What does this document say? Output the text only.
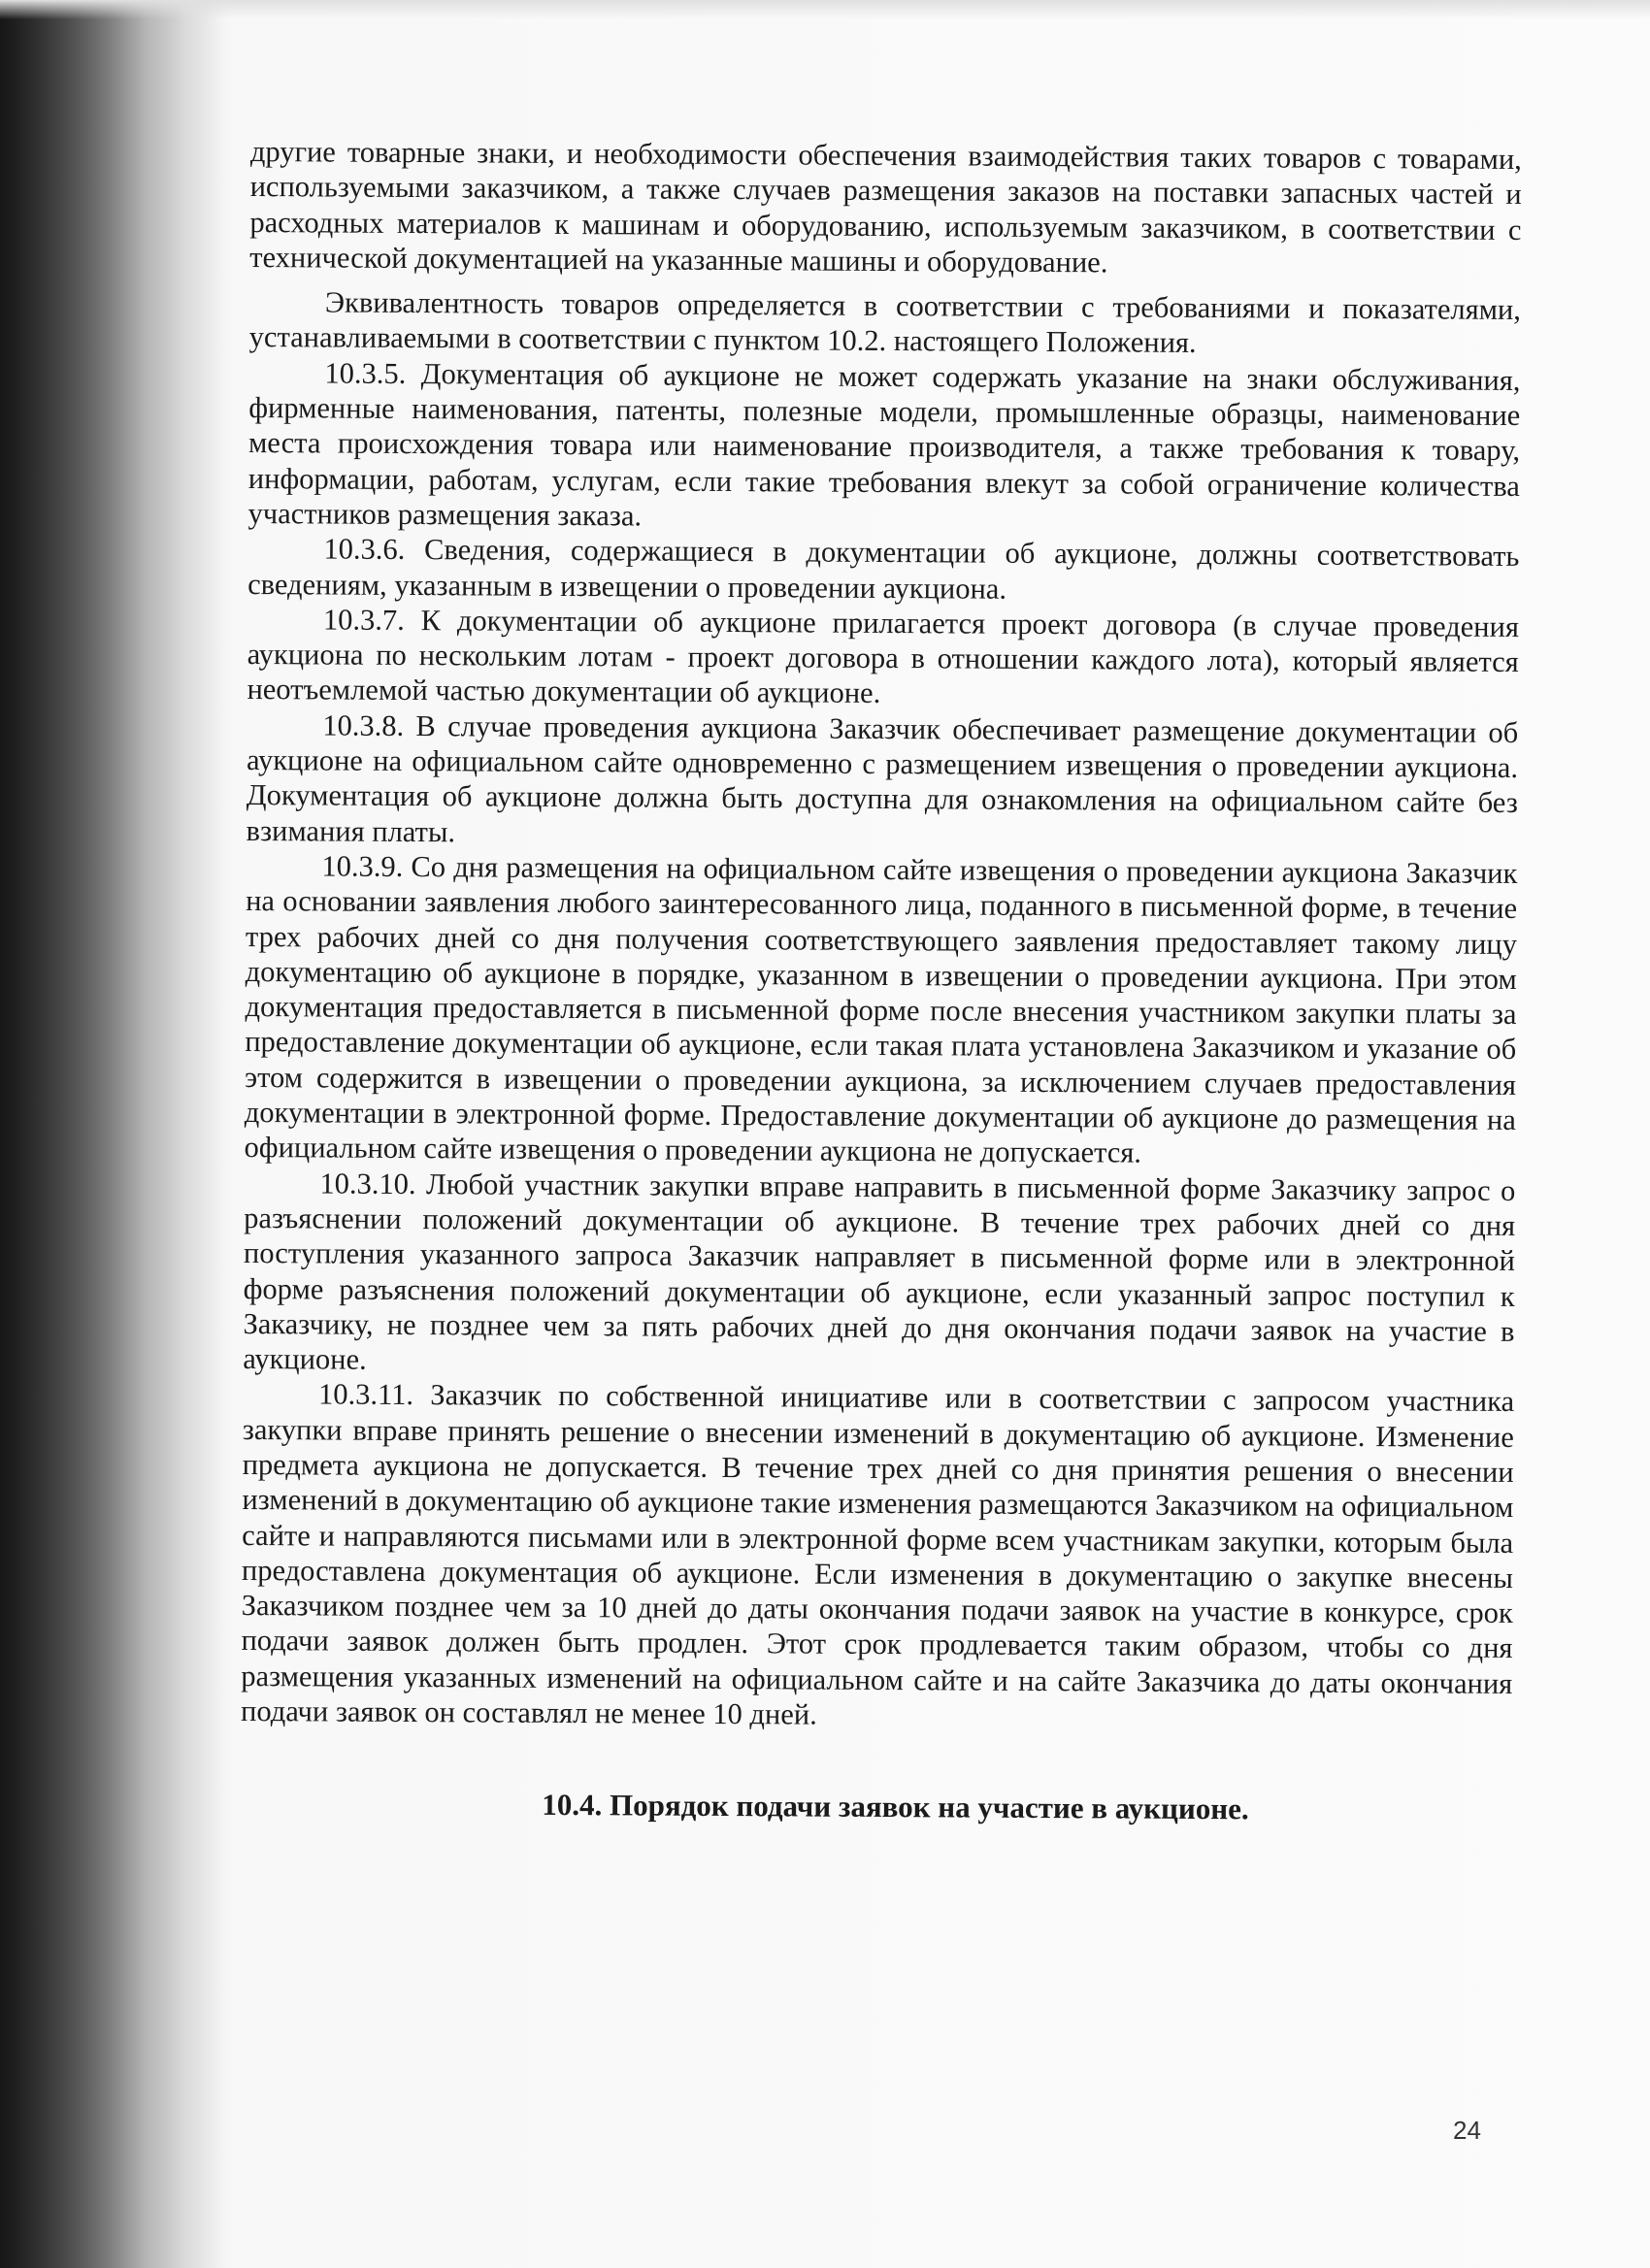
другие товарные знаки, и необходимости обеспечения взаимодействия таких товаров с товарами, используемыми заказчиком, а также случаев размещения заказов на поставки запасных частей и расходных материалов к машинам и оборудованию, используемым заказчиком, в соответствии с технической документацией на указанные машины и оборудование.

Эквивалентность товаров определяется в соответствии с требованиями и показателями, устанавливаемыми в соответствии с пунктом 10.2. настоящего Положения.

10.3.5. Документация об аукционе не может содержать указание на знаки обслуживания, фирменные наименования, патенты, полезные модели, промышленные образцы, наименование места происхождения товара или наименование производителя, а также требования к товару, информации, работам, услугам, если такие требования влекут за собой ограничение количества участников размещения заказа.

10.3.6. Сведения, содержащиеся в документации об аукционе, должны соответствовать сведениям, указанным в извещении о проведении аукциона.

10.3.7. К документации об аукционе прилагается проект договора (в случае проведения аукциона по нескольким лотам - проект договора в отношении каждого лота), который является неотъемлемой частью документации об аукционе.

10.3.8. В случае проведения аукциона Заказчик обеспечивает размещение документации об аукционе на официальном сайте одновременно с размещением извещения о проведении аукциона. Документация об аукционе должна быть доступна для ознакомления на официальном сайте без взимания платы.

10.3.9. Со дня размещения на официальном сайте извещения о проведении аукциона Заказчик на основании заявления любого заинтересованного лица, поданного в письменной форме, в течение трех рабочих дней со дня получения соответствующего заявления предоставляет такому лицу документацию об аукционе в порядке, указанном в извещении о проведении аукциона. При этом документация предоставляется в письменной форме после внесения участником закупки платы за предоставление документации об аукционе, если такая плата установлена Заказчиком и указание об этом содержится в извещении о проведении аукциона, за исключением случаев предоставления документации в электронной форме. Предоставление документации об аукционе до размещения на официальном сайте извещения о проведении аукциона не допускается.

10.3.10. Любой участник закупки вправе направить в письменной форме Заказчику запрос о разъяснении положений документации об аукционе. В течение трех рабочих дней со дня поступления указанного запроса Заказчик направляет в письменной форме или в электронной форме разъяснения положений документации об аукционе, если указанный запрос поступил к Заказчику, не позднее чем за пять рабочих дней до дня окончания подачи заявок на участие в аукционе.

10.3.11. Заказчик по собственной инициативе или в соответствии с запросом участника закупки вправе принять решение о внесении изменений в документацию об аукционе. Изменение предмета аукциона не допускается. В течение трех дней со дня принятия решения о внесении изменений в документацию об аукционе такие изменения размещаются Заказчиком на официальном сайте и направляются письмами или в электронной форме всем участникам закупки, которым была предоставлена документация об аукционе. Если изменения в документацию о закупке внесены Заказчиком позднее чем за 10 дней до даты окончания подачи заявок на участие в конкурсе, срок подачи заявок должен быть продлен. Этот срок продлевается таким образом, чтобы со дня размещения указанных изменений на официальном сайте и на сайте Заказчика до даты окончания подачи заявок он составлял не менее 10 дней.

10.4. Порядок подачи заявок на участие в аукционе.
24
